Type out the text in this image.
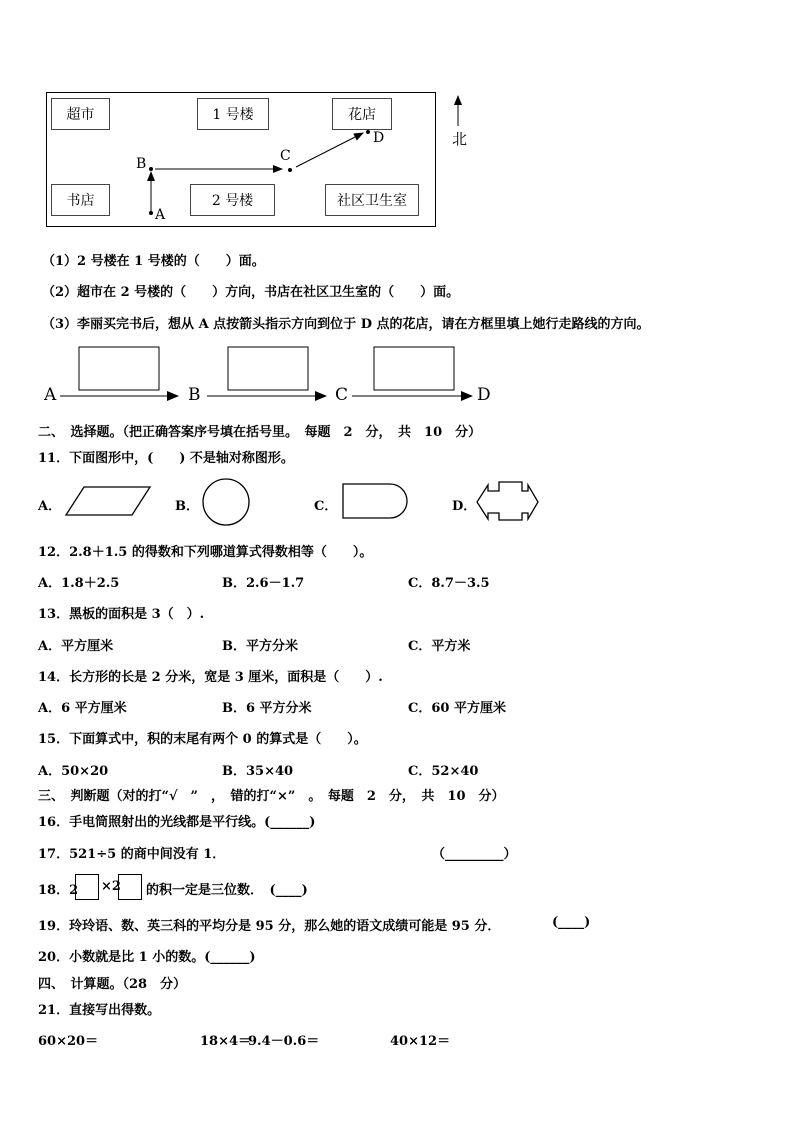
超市	1 号楼	花店
书店	2 号楼	社区卫生室
A
B	C
D	北
（1）2 号楼在 1 号楼的（　　）面。
（2）超市在 2 号楼的（　　）方向，书店在社区卫生室的（　　）面。
（3）李丽买完书后，想从 A 点按箭头指示方向到位于 D 点的花店，请在方框里填上她行走路线的方向。
A	B	C	D
二、　选择题。（把正确答案序号填在括号里。　每题　2　分，　共　10　分）
11．下面图形中，(　　) 不是轴对称图形。
A．	B．	C．	D．
12．2.8＋1.5 的得数和下列哪道算式得数相等（　　）。
A．1.8＋2.5	B．2.6－1.7	C．8.7－3.5
13．黑板的面积是 3（　）.
A．平方厘米	B．平方分米	C．平方米
14．长方形的长是 2 分米，宽是 3 厘米，面积是（　　）.
A．6 平方厘米	B．6 平方分米	C．60 平方厘米
15．下面算式中，积的末尾有两个 0 的算式是（　　）。
A．50×20	B．35×40	C．52×40
三、　判断题（对的打“√　”　，　错的打“×”　。　每题　2　分，　共　10　分）
16．手电筒照射出的光线都是平行线。(______)
17．521÷5 的商中间没有 1．	（_________）
18．2 ×2 的积一定是三位数．　(____)
19．玲玲语、数、英三科的平均分是 95 分，那么她的语文成绩可能是 95 分．	(____)
20．小数就是比 1 小的数。(______)
四、　计算题。（28　分）
21．直接写出得数。
60×20＝	18×4＝
9.4－0.6＝	40×12＝
